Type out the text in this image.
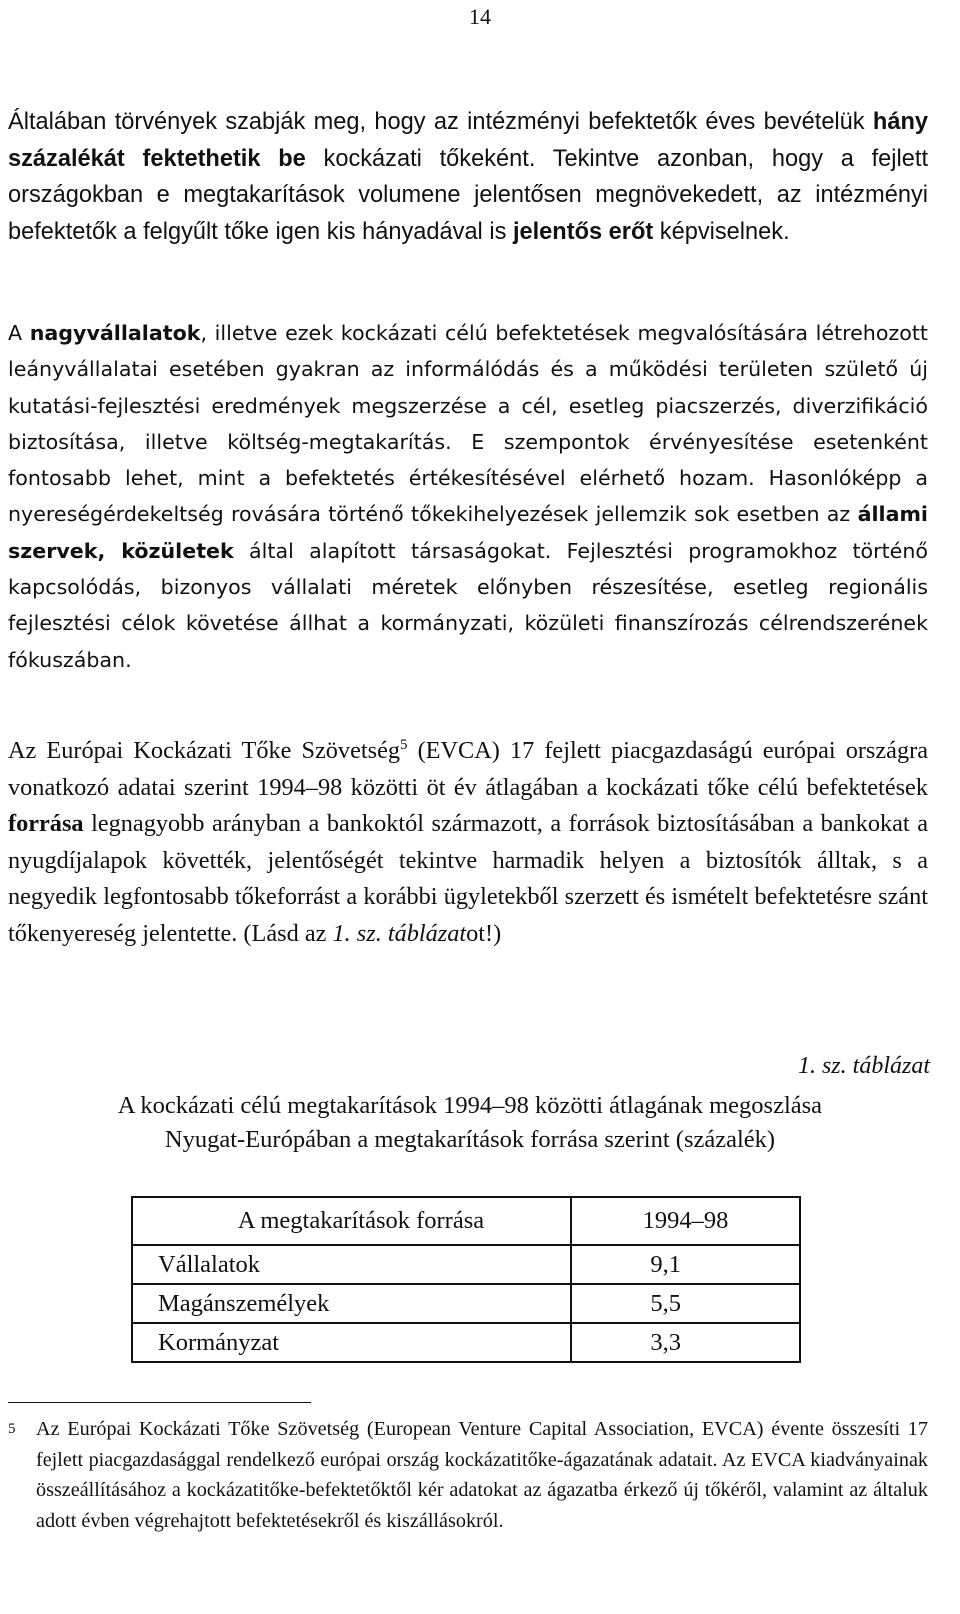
14

Általában törvények szabják meg, hogy az intézményi befektetők éves bevételük hány százalékát fektethetik be kockázati tőkeként. Tekintve azonban, hogy a fejlett országokban e megtakarítások volumene jelentősen megnövekedett, az intézményi befektetők a felgyűlt tőke igen kis hányadával is jelentős erőt képviselnek.

A nagyvállalatok, illetve ezek kockázati célú befektetések megvalósítására létrehozott leányvállalatai esetében gyakran az informálódás és a működési területen születő új kutatási-fejlesztési eredmények megszerzése a cél, esetleg piacszerzés, diverzifikáció biztosítása, illetve költség-megtakarítás. E szempontok érvényesítése esetenként fontosabb lehet, mint a befektetés értékesítésével elérhető hozam. Hasonlóképp a nyereségérdekeltség rovására történő tőkekihelyezések jellemzik sok esetben az állami szervek, közületek által alapított társaságokat. Fejlesztési programokhoz történő kapcsolódás, bizonyos vállalati méretek előnyben részesítése, esetleg regionális fejlesztési célok követése állhat a kormányzati, közületi finanszírozás célrendszerének fókuszában.

Az Európai Kockázati Tőke Szövetség$^5$ (EVCA) 17 fejlett piacgazdaságú európai országra vonatkozó adatai szerint 1994–98 közötti öt év átlagában a kockázati tőke célú befektetések forrása legnagyobb arányban a bankoktól származott, a források biztosításában a bankokat a nyugdíjalapok követték, jelentőségét tekintve harmadik helyen a biztosítók álltak, s a negyedik legfontosabb tőkeforrást a korábbi ügyletekből szerzett és ismételt befektetésre szánt tőkenyereség jelentette. (Lásd az 1. sz. táblázatot!)

1. sz. táblázat
A kockázati célú megtakarítások 1994–98 közötti átlagának megoszlása
Nyugat-Európában a megtakarítások forrása szerint (százalék)
A megtakarítások forrása	1994–98
Vállalatok	9,1
Magánszemélyek	5,5
Kormányzat	3,3
5 Az Európai Kockázati Tőke Szövetség (European Venture Capital Association, EVCA) évente összesíti 17 fejlett piacgazdasággal rendelkező európai ország kockázatitőke-ágazatának adatait. Az EVCA kiadványainak összeállításához a kockázatitőke-befektetőktől kér adatokat az ágazatba érkező új tőkéről, valamint az általuk adott évben végrehajtott befektetésekről és kiszállásokról.
